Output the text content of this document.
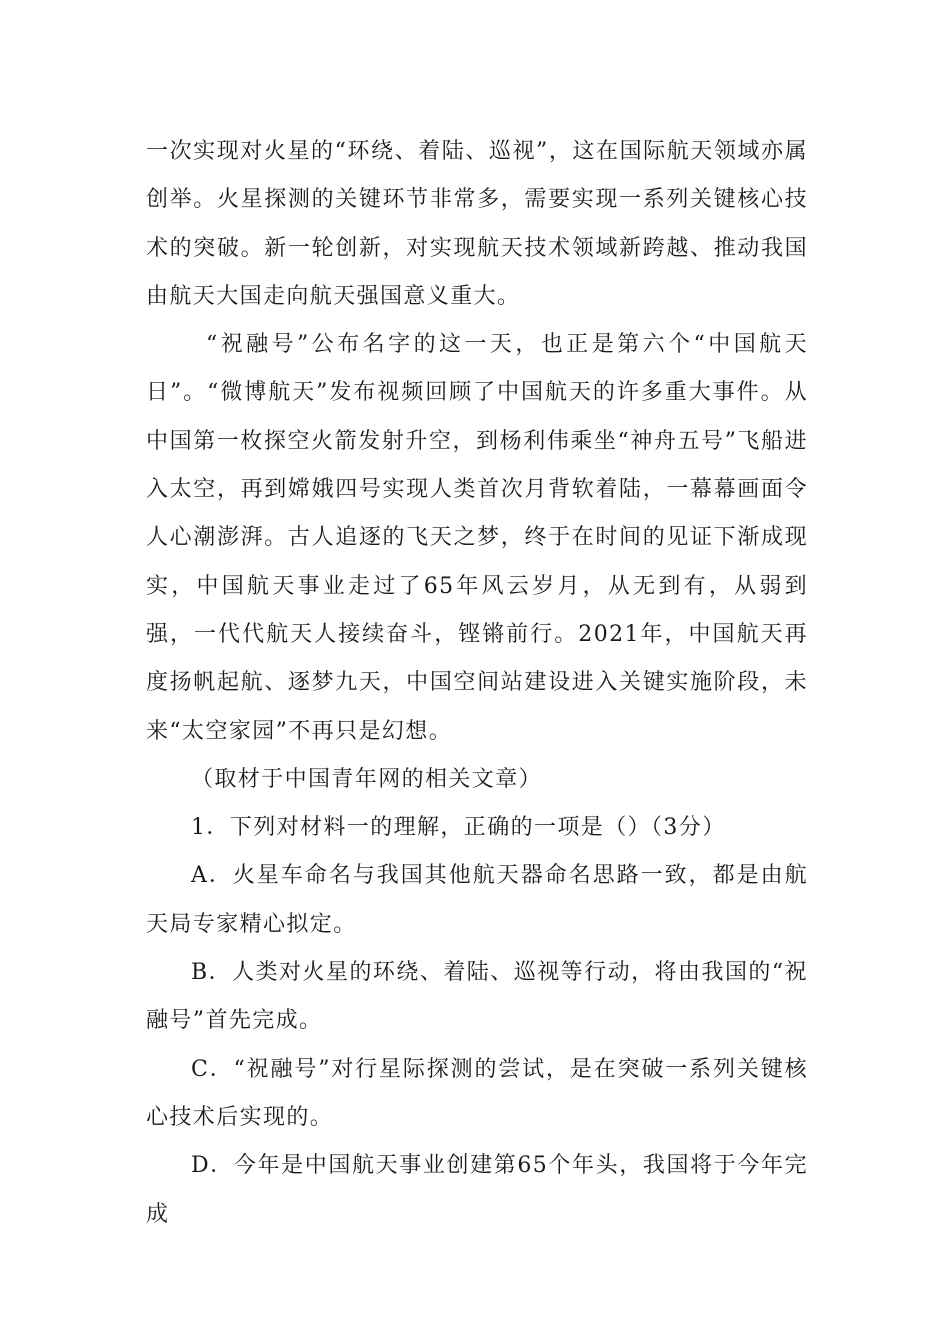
一次实现对火星的“环绕、着陆、巡视”，这在国际航天领域亦属创举。火星探测的关键环节非常多，需要实现一系列关键核心技术的突破。新一轮创新，对实现航天技术领域新跨越、推动我国由航天大国走向航天强国意义重大。

“祝融号”公布名字的这一天，也正是第六个“中国航天日”。“微博航天”发布视频回顾了中国航天的许多重大事件。从中国第一枚探空火箭发射升空，到杨利伟乘坐“神舟五号”飞船进入太空，再到嫦娥四号实现人类首次月背软着陆，一幕幕画面令人心潮澎湃。古人追逐的飞天之梦，终于在时间的见证下渐成现实，中国航天事业走过了65年风云岁月，从无到有，从弱到强，一代代航天人接续奋斗，铿锵前行。2021年，中国航天再度扬帆起航、逐梦九天，中国空间站建设进入关键实施阶段，未来“太空家园”不再只是幻想。

（取材于中国青年网的相关文章）

1．下列对材料一的理解，正确的一项是（）（3分）

A．火星车命名与我国其他航天器命名思路一致，都是由航天局专家精心拟定。

B．人类对火星的环绕、着陆、巡视等行动，将由我国的“祝融号”首先完成。

C．“祝融号”对行星际探测的尝试，是在突破一系列关键核心技术后实现的。

D．今年是中国航天事业创建第65个年头，我国将于今年完成
